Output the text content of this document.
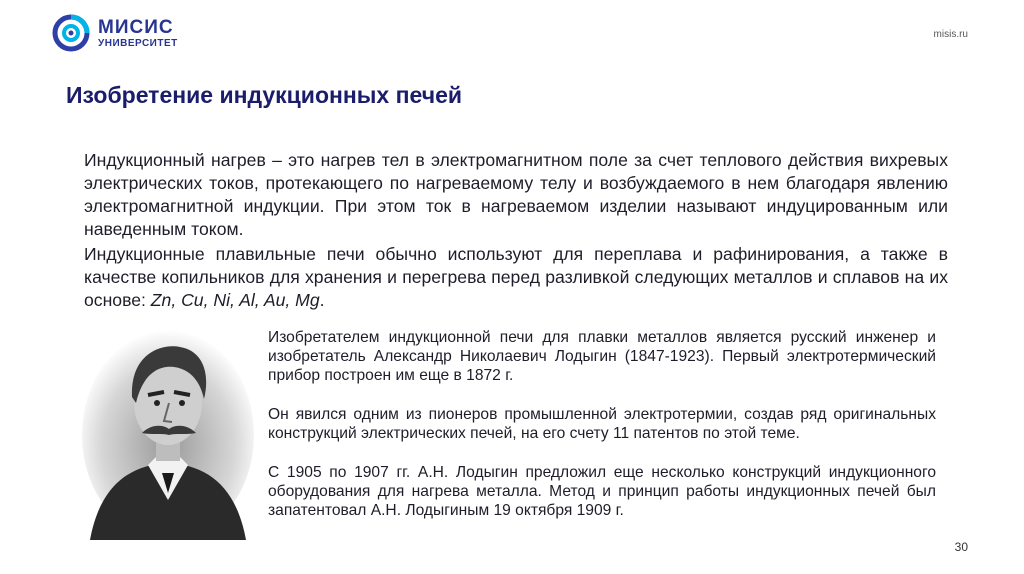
МИСИС
УНИВЕРСИТЕТ
misis.ru
Изобретение индукционных печей

Индукционный нагрев – это нагрев тел в электромагнитном поле за счет теплового действия вихревых электрических токов, протекающего по нагреваемому телу и возбуждаемого в нем благодаря явлению электромагнитной индукции. При этом ток в нагреваемом изделии называют индуцированным или наведенным током.

Индукционные плавильные печи обычно используют для переплава и рафинирования, а также в качестве копильников для хранения и перегрева перед разливкой следующих металлов и сплавов на их основе: Zn, Cu, Ni, Al, Au, Mg.

Изобретателем индукционной печи для плавки металлов является русский инженер и изобретатель Александр Николаевич Лодыгин (1847-1923). Первый электротермический прибор построен им еще в 1872 г.

Он явился одним из пионеров промышленной электротермии, создав ряд оригинальных конструкций электрических печей, на его счету 11 патентов по этой теме.

С 1905 по 1907 гг. А.Н. Лодыгин предложил еще несколько конструкций индукционного оборудования для нагрева металла. Метод и принцип работы индукционных печей был запатентовал А.Н. Лодыгиным 19 октября 1909 г.

30
